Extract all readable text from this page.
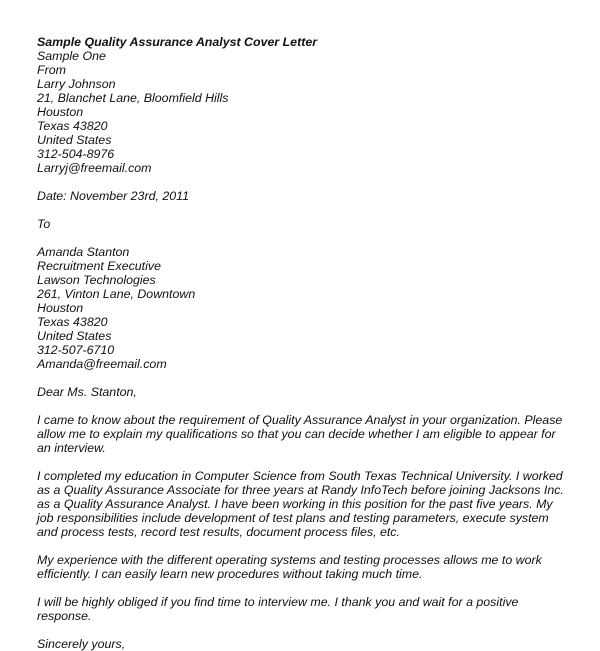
Sample Quality Assurance Analyst Cover Letter

Sample One

From

Larry Johnson

21, Blanchet Lane, Bloomfield Hills

Houston

Texas 43820

United States

312-504-8976

Larryj@freemail.com

Date: November 23rd, 2011

To

Amanda Stanton

Recruitment Executive

Lawson Technologies

261, Vinton Lane, Downtown

Houston

Texas 43820

United States

312-507-6710

Amanda@freemail.com

Dear Ms. Stanton,

I came to know about the requirement of Quality Assurance Analyst in your organization. Please allow me to explain my qualifications so that you can decide whether I am eligible to appear for an interview.

I completed my education in Computer Science from South Texas Technical University. I worked as a Quality Assurance Associate for three years at Randy InfoTech before joining Jacksons Inc. as a Quality Assurance Analyst. I have been working in this position for the past five years. My job responsibilities include development of test plans and testing parameters, execute system and process tests, record test results, document process files, etc.

My experience with the different operating systems and testing processes allows me to work efficiently. I can easily learn new procedures without taking much time.

I will be highly obliged if you find time to interview me. I thank you and wait for a positive response.

Sincerely yours,
